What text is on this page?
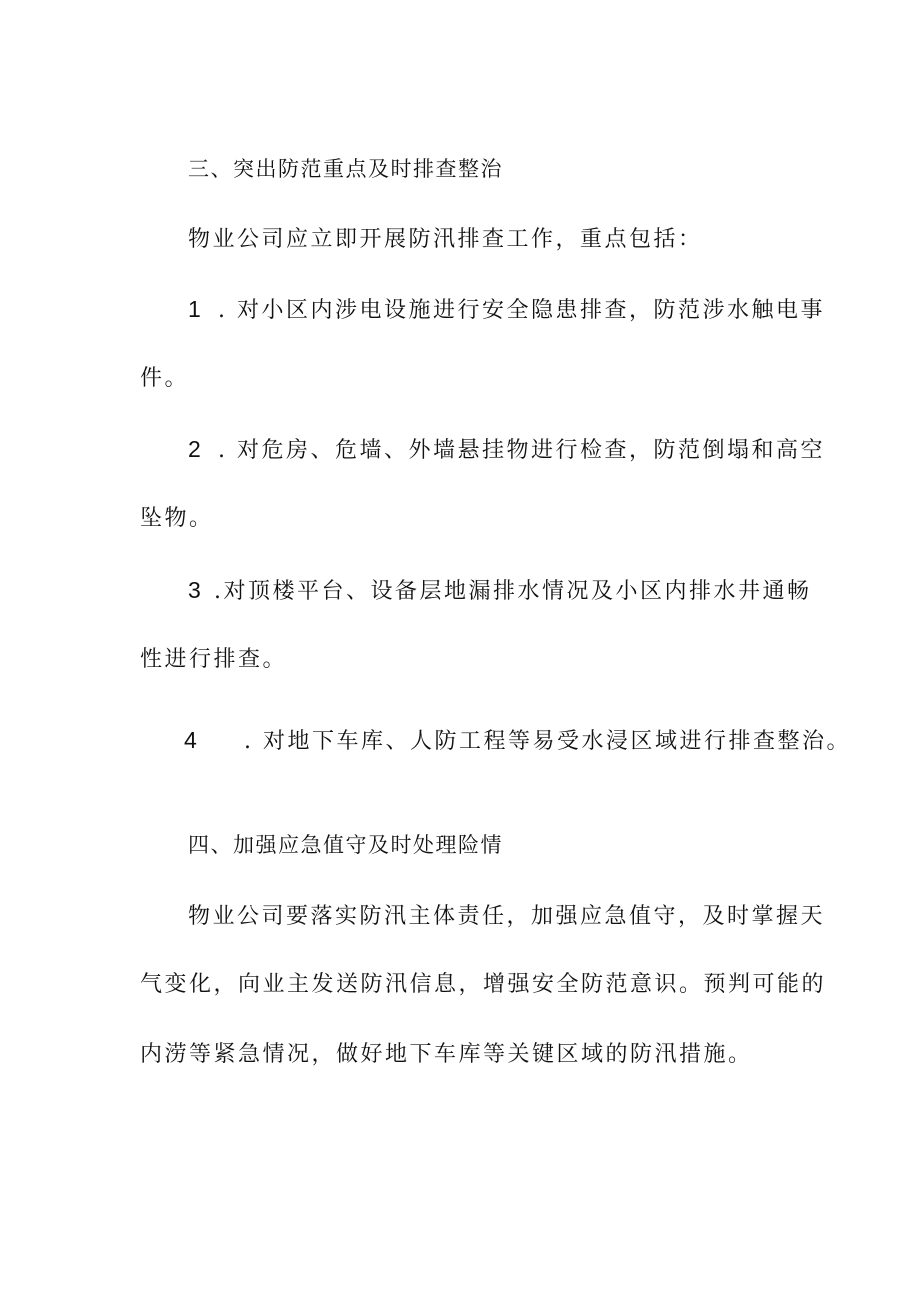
三、突出防范重点及时排查整治
物业公司应立即开展防汛排查工作，重点包括：
1 . 对小区内涉电设施进行安全隐患排查，防范涉水触电事
件。
2 . 对危房、危墙、外墙悬挂物进行检查，防范倒塌和高空
坠物。
3 .对顶楼平台、设备层地漏排水情况及小区内排水井通畅
性进行排查。
4 . 对地下车库、人防工程等易受水浸区域进行排查整治。
四、加强应急值守及时处理险情
物业公司要落实防汛主体责任，加强应急值守，及时掌握天
气变化，向业主发送防汛信息，增强安全防范意识。预判可能的
内涝等紧急情况，做好地下车库等关键区域的防汛措施。
